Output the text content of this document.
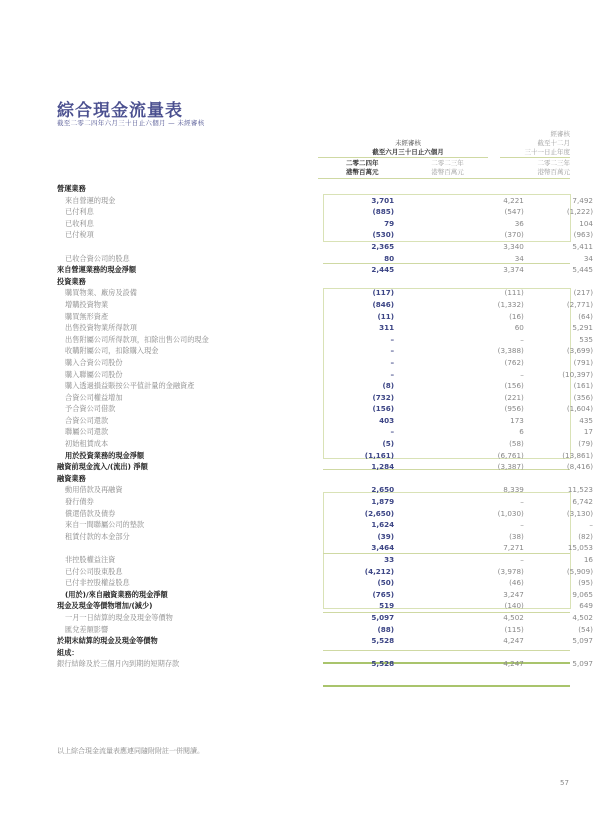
綜合現金流量表
截至二零二四年六月三十日止六個月 — 未經審核
經審核
未經審核	截至十二月
截至六月三十日止六個月	三十一日止年度
二零二四年	二零二三年	二零二三年
港幣百萬元	港幣百萬元	港幣百萬元
營運業務			
來自營運的現金	3,701	4,221	7,492
已付利息	(885)	(547)	(1,222)
已收利息	79	36	104
已付稅項	(530)	(370)	(963)
	2,365	3,340	5,411
已收合資公司的股息	80	34	34
來自營運業務的現金淨額	2,445	3,374	5,445
投資業務			
購買物業、廠房及設備	(117)	(111)	(217)
增購投資物業	(846)	(1,332)	(2,771)
購買無形資產	(11)	(16)	(64)
出售投資物業所得款項	311	60	5,291
出售附屬公司所得款項，扣除出售公司的現金	–	–	535
收購附屬公司，扣除購入現金	–	(3,388)	(3,699)
購入合資公司股份	–	(762)	(791)
購入聯屬公司股份	–	–	(10,397)
購入透過損益賬按公平值計量的金融資產	(8)	(156)	(161)
合資公司權益增加	(732)	(221)	(356)
予合資公司借款	(156)	(956)	(1,604)
合資公司還款	403	173	435
聯屬公司還款	–	6	17
初始租賃成本	(5)	(58)	(79)
用於投資業務的現金淨額	(1,161)	(6,761)	(13,861)
融資前現金流入/(流出) 淨額	1,284	(3,387)	(8,416)
融資業務			
動用借款及再融資	2,650	8,339	11,523
發行債券	1,879	–	6,742
償還借款及債券	(2,650)	(1,030)	(3,130)
來自一間聯屬公司的墊款	1,624	–	–
租賃付款的本金部分	(39)	(38)	(82)
	3,464	7,271	15,053
非控股權益注資	33	–	16
已付公司股東股息	(4,212)	(3,978)	(5,909)
已付非控股權益股息	(50)	(46)	(95)
(用於)/來自融資業務的現金淨額	(765)	3,247	9,065
現金及現金等價物增加/(減少)	519	(140)	649
一月一日結算的現金及現金等價物	5,097	4,502	4,502
匯兌差額影響	(88)	(115)	(54)
於期末結算的現金及現金等價物	5,528	4,247	5,097
組成：			
銀行結餘及於三個月內到期的短期存款	5,528	4,247	5,097
以上綜合現金流量表應連同隨附附註一併閱讀。
57
